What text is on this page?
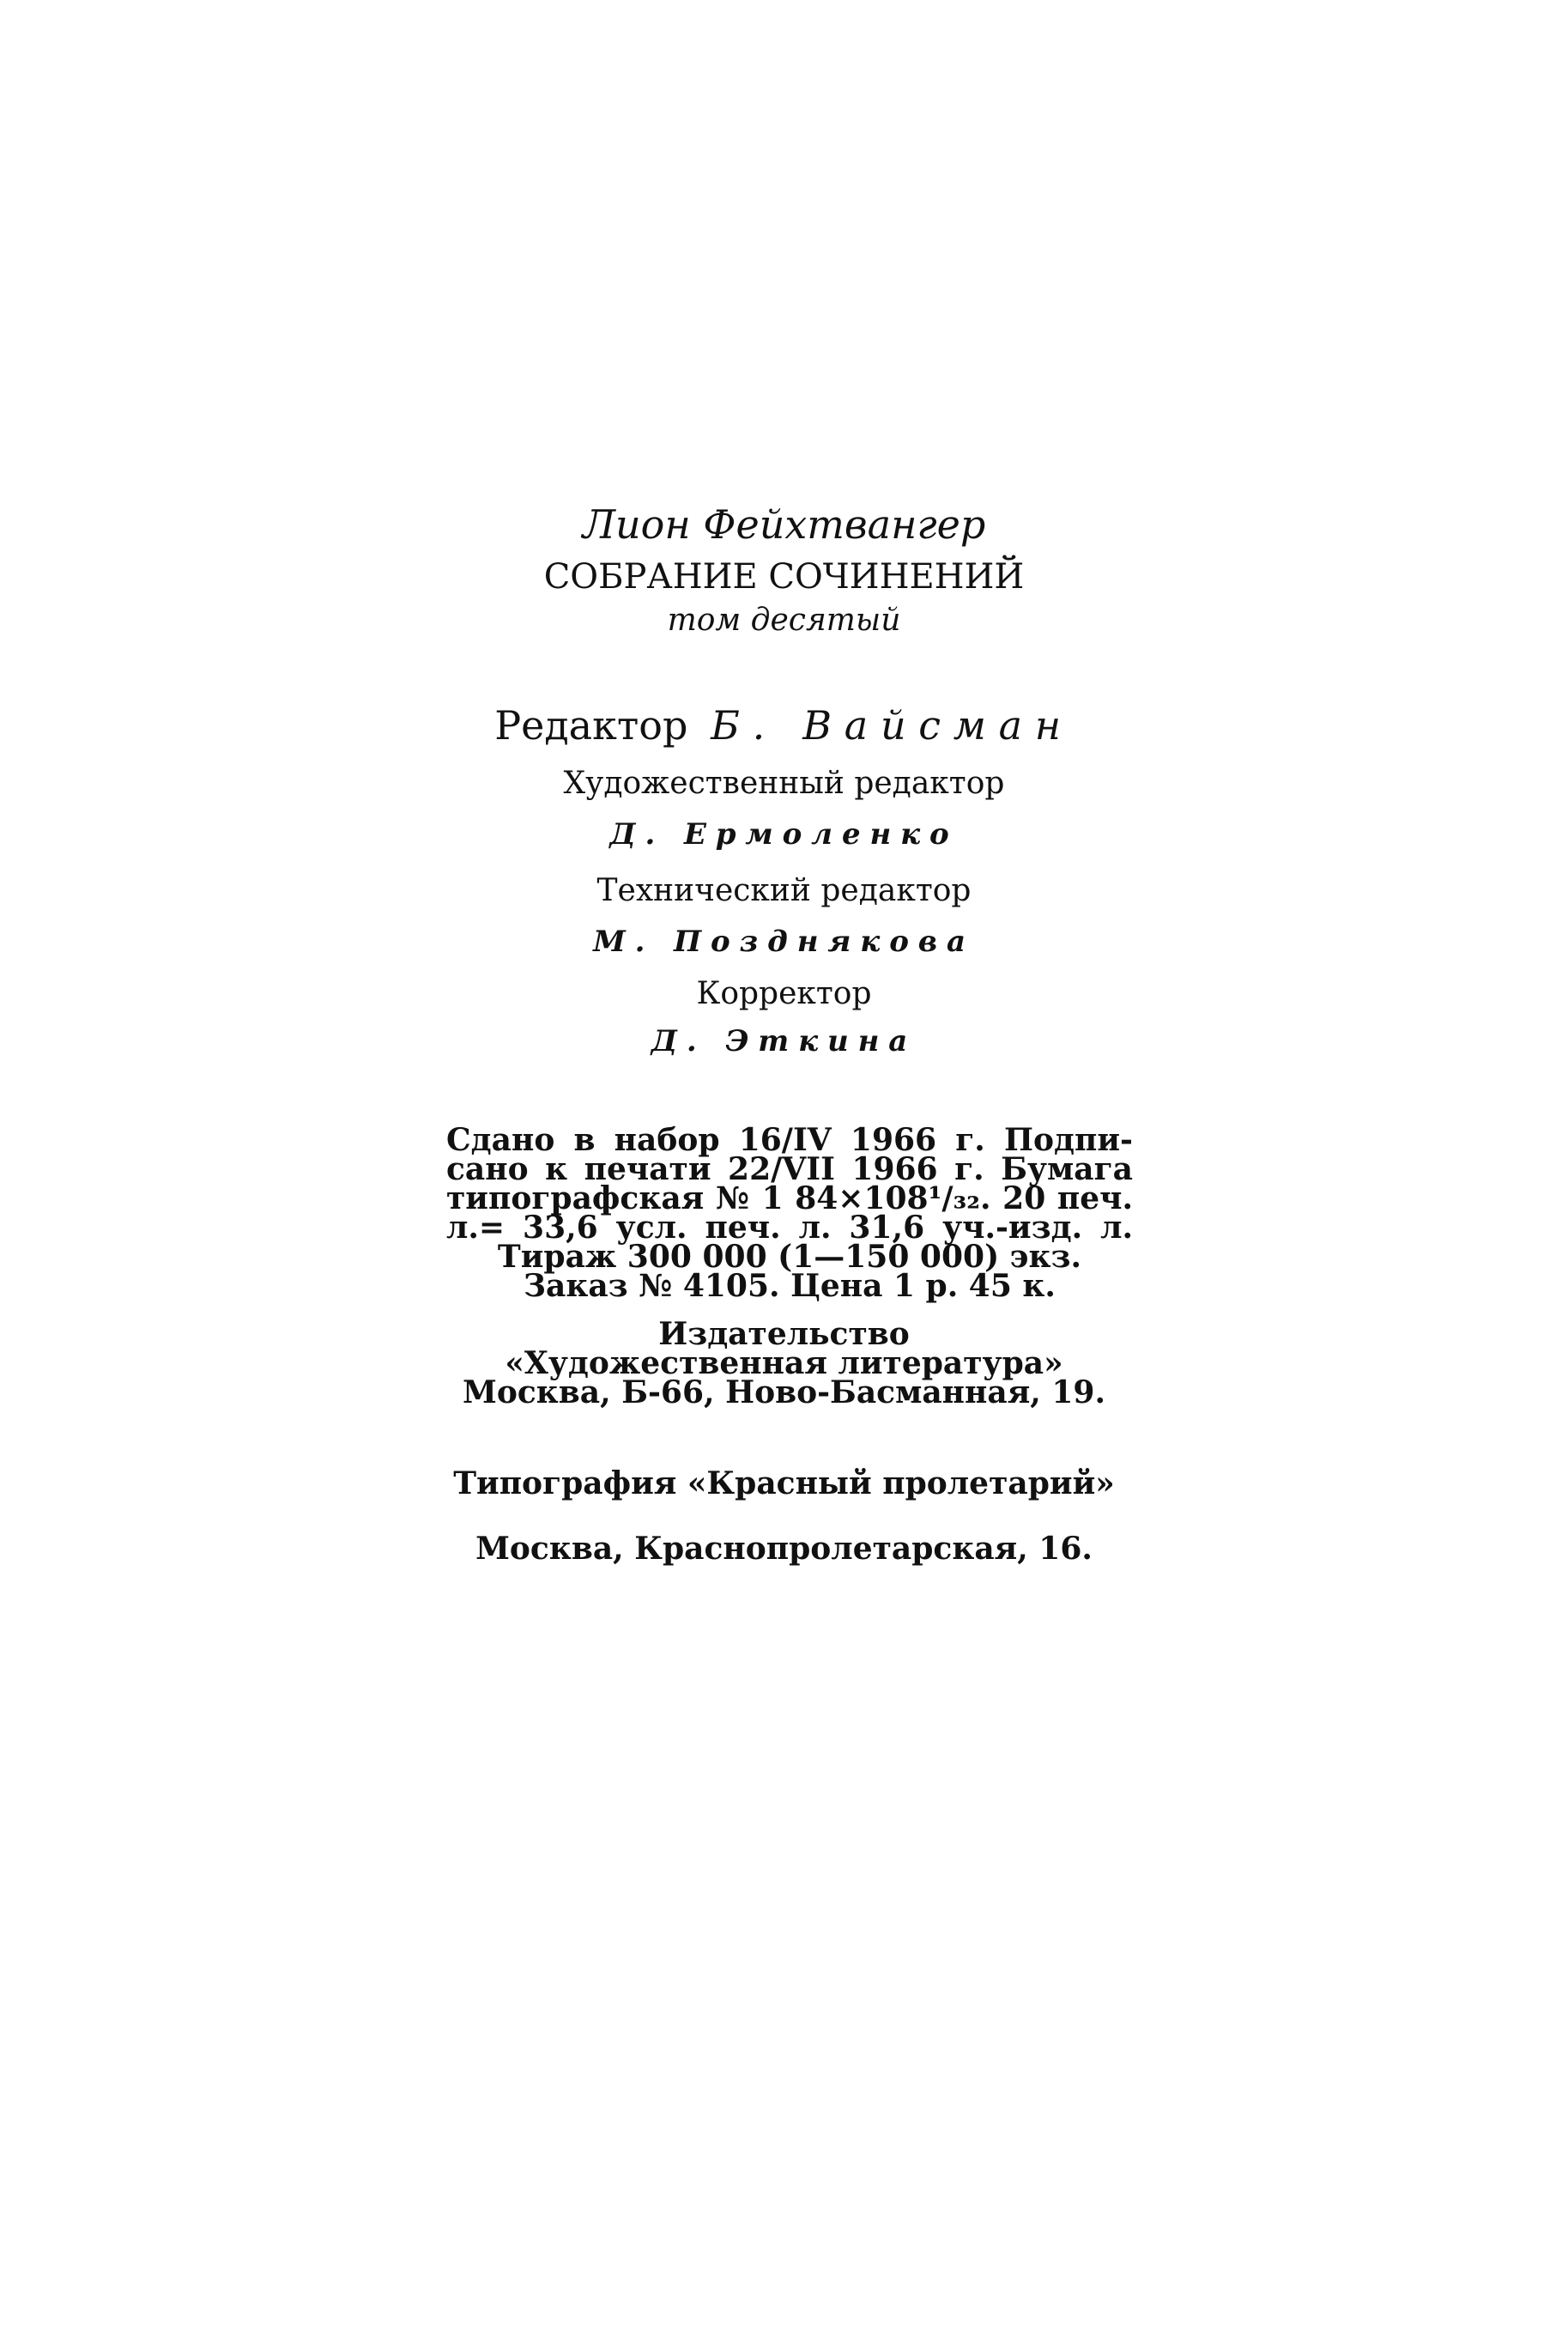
Лион Фейхтвангер
СОБРАНИЕ СОЧИНЕНИЙ
том десятый
Редактор Б. Вайсман
Художественный редактор
Д. Ермоленко
Технический редактор
М. Позднякова
Корректор
Д. Эткина
Сдано в набор 16/IV 1966 г. Подпи-
сано к печати 22/VII 1966 г. Бумага
типографская № 1 84×108¹/₃₂. 20 печ.
л.= 33,6 усл. печ. л. 31,6 уч.-изд. л.
Тираж 300 000 (1—150 000) экз.
Заказ № 4105. Цена 1 р. 45 к.
Издательство
«Художественная литература»
Москва, Б-66, Ново-Басманная, 19.
Типография «Красный пролетарий»
Москва, Краснопролетарская, 16.
